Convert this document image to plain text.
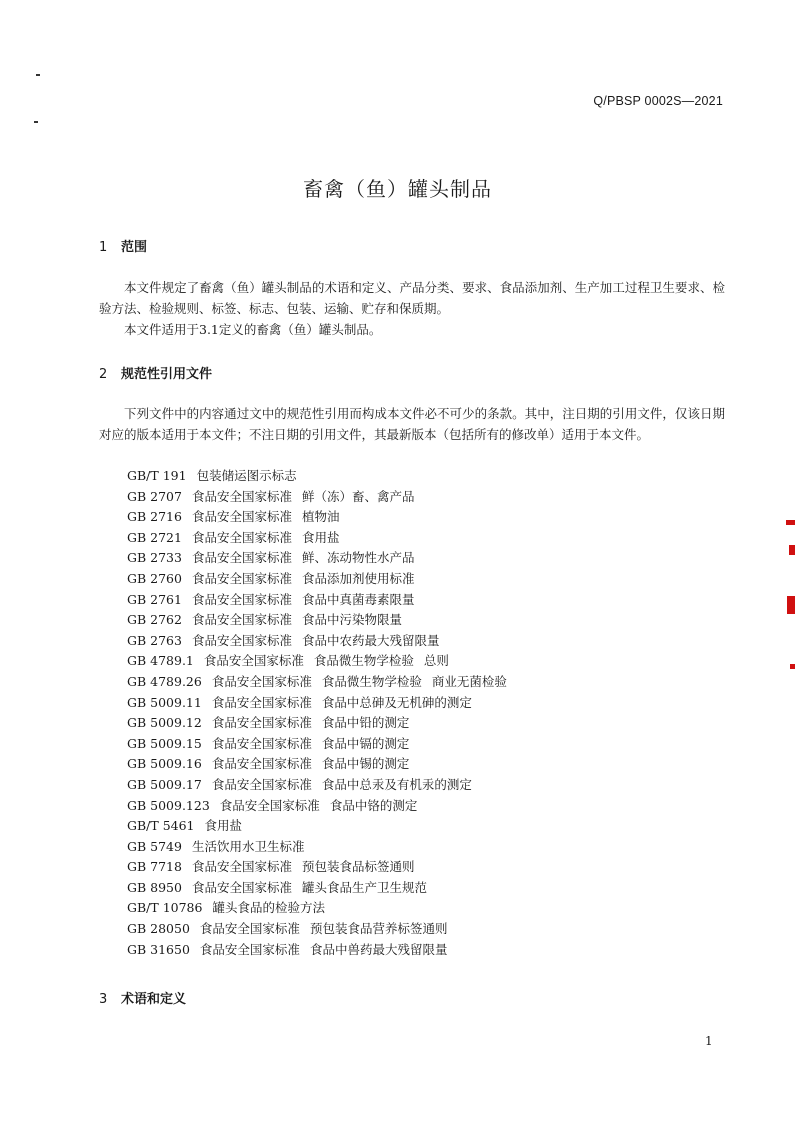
Q/PBSP 0002S—2021
畜禽（鱼）罐头制品
1 范围
本文件规定了畜禽（鱼）罐头制品的术语和定义、产品分类、要求、食品添加剂、生产加工过程卫生要求、检验方法、检验规则、标签、标志、包装、运输、贮存和保质期。
本文件适用于3.1定义的畜禽（鱼）罐头制品。
2 规范性引用文件
下列文件中的内容通过文中的规范性引用而构成本文件必不可少的条款。其中，注日期的引用文件，仅该日期对应的版本适用于本文件；不注日期的引用文件，其最新版本（包括所有的修改单）适用于本文件。
GB/T 191 包装储运图示标志
GB 2707 食品安全国家标准 鲜（冻）畜、禽产品
GB 2716 食品安全国家标准 植物油
GB 2721 食品安全国家标准 食用盐
GB 2733 食品安全国家标准 鲜、冻动物性水产品
GB 2760 食品安全国家标准 食品添加剂使用标准
GB 2761 食品安全国家标准 食品中真菌毒素限量
GB 2762 食品安全国家标准 食品中污染物限量
GB 2763 食品安全国家标准 食品中农药最大残留限量
GB 4789.1 食品安全国家标准 食品微生物学检验 总则
GB 4789.26 食品安全国家标准 食品微生物学检验 商业无菌检验
GB 5009.11 食品安全国家标准 食品中总砷及无机砷的测定
GB 5009.12 食品安全国家标准 食品中铅的测定
GB 5009.15 食品安全国家标准 食品中镉的测定
GB 5009.16 食品安全国家标准 食品中锡的测定
GB 5009.17 食品安全国家标准 食品中总汞及有机汞的测定
GB 5009.123 食品安全国家标准 食品中铬的测定
GB/T 5461 食用盐
GB 5749 生活饮用水卫生标准
GB 7718 食品安全国家标准 预包装食品标签通则
GB 8950 食品安全国家标准 罐头食品生产卫生规范
GB/T 10786 罐头食品的检验方法
GB 28050 食品安全国家标准 预包装食品营养标签通则
GB 31650 食品安全国家标准 食品中兽药最大残留限量
3 术语和定义
1
